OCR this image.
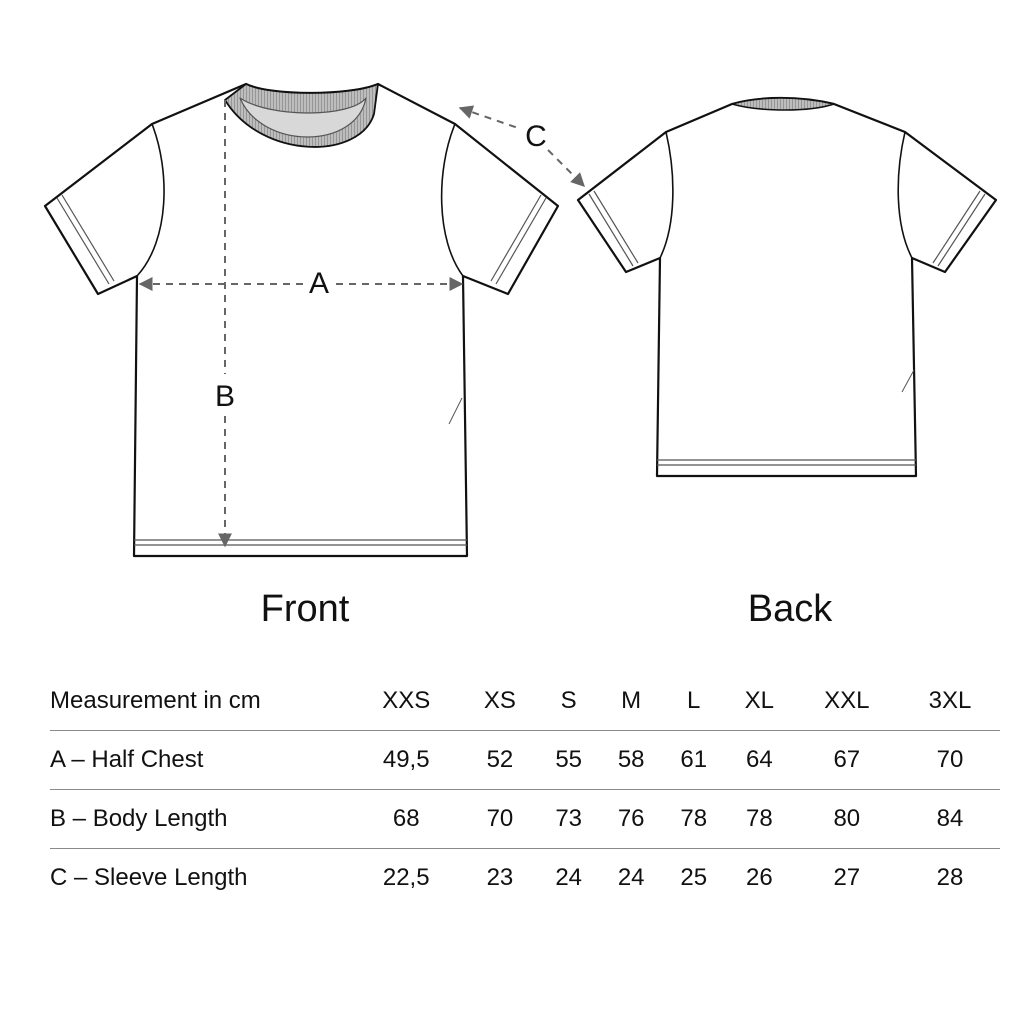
A
B
C
Front	Back
Measurement in cm	XXS	XS	S	M	L	XL	XXL	3XL
A – Half Chest	49,5	52	55	58	61	64	67	70
B – Body Length	68	70	73	76	78	78	80	84
C – Sleeve Length	22,5	23	24	24	25	26	27	28
